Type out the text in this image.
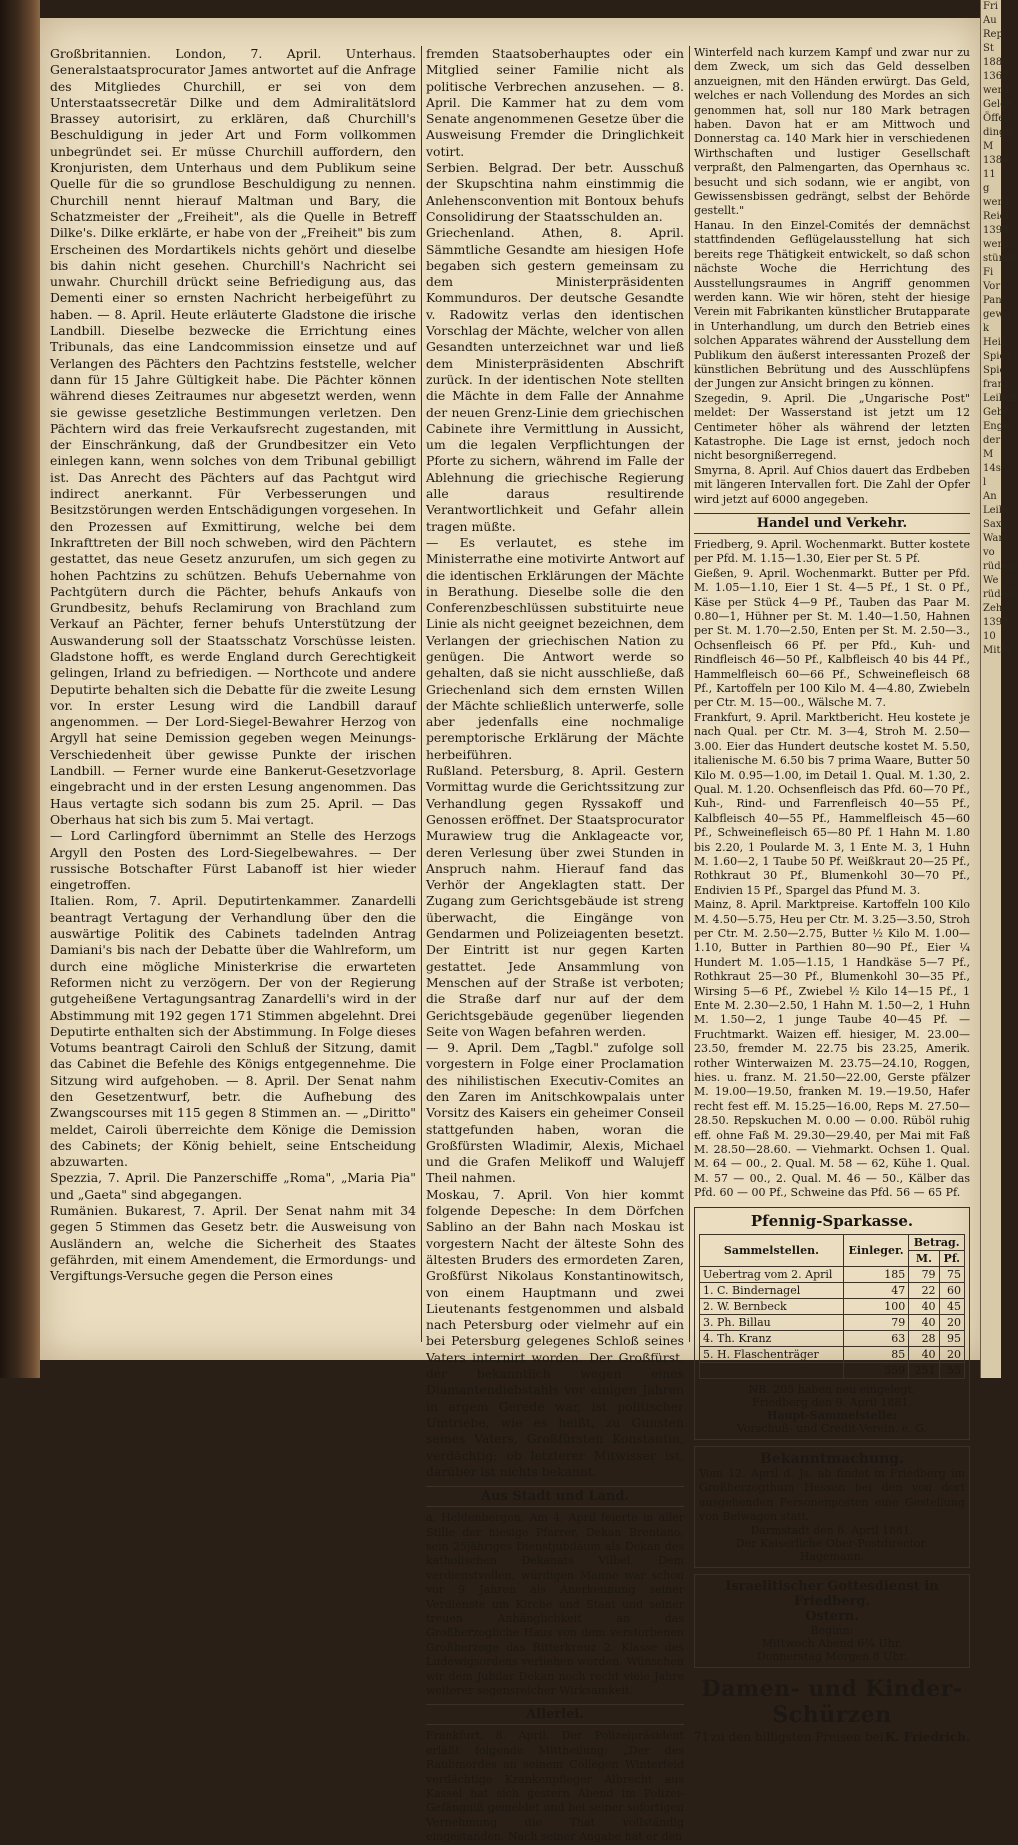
Großbritannien. London, 7. April. Unterhaus. Generalstaatsprocurator James antwortet auf die Anfrage des Mitgliedes Churchill, er sei von dem Unterstaatssecretär Dilke und dem Admiralitätslord Brassey autorisirt, zu erklären, daß Churchill's Beschuldigung in jeder Art und Form vollkommen unbegründet sei. Er müsse Churchill auffordern, den Kronjuristen, dem Unterhaus und dem Publikum seine Quelle für die so grundlose Beschuldigung zu nennen. Churchill nennt hierauf Maltman und Bary, die Schatzmeister der „Freiheit", als die Quelle in Betreff Dilke's. Dilke erklärte, er habe von der „Freiheit" bis zum Erscheinen des Mordartikels nichts gehört und dieselbe bis dahin nicht gesehen. Churchill's Nachricht sei unwahr. Churchill drückt seine Befriedigung aus, das Dementi einer so ernsten Nachricht herbeigeführt zu haben. — 8. April. Heute erläuterte Gladstone die irische Landbill. Dieselbe bezwecke die Errichtung eines Tribunals, das eine Landcommission einsetze und auf Verlangen des Pächters den Pachtzins feststelle, welcher dann für 15 Jahre Gültigkeit habe. Die Pächter können während dieses Zeitraumes nur abgesetzt werden, wenn sie gewisse gesetzliche Bestimmungen verletzen. Den Pächtern wird das freie Verkaufsrecht zugestanden, mit der Einschränkung, daß der Grundbesitzer ein Veto einlegen kann, wenn solches von dem Tribunal gebilligt ist. Das Anrecht des Pächters auf das Pachtgut wird indirect anerkannt. Für Verbesserungen und Besitzstörungen werden Entschädigungen vorgesehen. In den Prozessen auf Exmittirung, welche bei dem Inkrafttreten der Bill noch schweben, wird den Pächtern gestattet, das neue Gesetz anzurufen, um sich gegen zu hohen Pachtzins zu schützen. Behufs Uebernahme von Pachtgütern durch die Pächter, behufs Ankaufs von Grundbesitz, behufs Reclamirung von Brachland zum Verkauf an Pächter, ferner behufs Unterstützung der Auswanderung soll der Staatsschatz Vorschüsse leisten. Gladstone hofft, es werde England durch Gerechtigkeit gelingen, Irland zu befriedigen. — Northcote und andere Deputirte behalten sich die Debatte für die zweite Lesung vor. In erster Lesung wird die Landbill darauf angenommen. — Der Lord-Siegel-Bewahrer Herzog von Argyll hat seine Demission gegeben wegen Meinungs-Verschiedenheit über gewisse Punkte der irischen Landbill. — Ferner wurde eine Bankerut-Gesetzvorlage eingebracht und in der ersten Lesung angenommen. Das Haus vertagte sich sodann bis zum 25. April. — Das Oberhaus hat sich bis zum 5. Mai vertagt.

— Lord Carlingford übernimmt an Stelle des Herzogs Argyll den Posten des Lord-Siegelbewahres. — Der russische Botschafter Fürst Labanoff ist hier wieder eingetroffen.

Italien. Rom, 7. April. Deputirtenkammer. Zanardelli beantragt Vertagung der Verhandlung über den die auswärtige Politik des Cabinets tadelnden Antrag Damiani's bis nach der Debatte über die Wahlreform, um durch eine mögliche Ministerkrise die erwarteten Reformen nicht zu verzögern. Der von der Regierung gutgeheißene Vertagungsantrag Zanardelli's wird in der Abstimmung mit 192 gegen 171 Stimmen abgelehnt. Drei Deputirte enthalten sich der Abstimmung. In Folge dieses Votums beantragt Cairoli den Schluß der Sitzung, damit das Cabinet die Befehle des Königs entgegennehme. Die Sitzung wird aufgehoben. — 8. April. Der Senat nahm den Gesetzentwurf, betr. die Aufhebung des Zwangscourses mit 115 gegen 8 Stimmen an. — „Diritto" meldet, Cairoli überreichte dem Könige die Demission des Cabinets; der König behielt, seine Entscheidung abzuwarten.

Spezzia, 7. April. Die Panzerschiffe „Roma", „Maria Pia" und „Gaeta" sind abgegangen.

Rumänien. Bukarest, 7. April. Der Senat nahm mit 34 gegen 5 Stimmen das Gesetz betr. die Ausweisung von Ausländern an, welche die Sicherheit des Staates gefährden, mit einem Amendement, die Ermordungs- und Vergiftungs-Versuche gegen die Person eines

fremden Staatsoberhauptes oder ein Mitglied seiner Familie nicht als politische Verbrechen anzusehen. — 8. April. Die Kammer hat zu dem vom Senate angenommenen Gesetze über die Ausweisung Fremder die Dringlichkeit votirt.

Serbien. Belgrad. Der betr. Ausschuß der Skupschtina nahm einstimmig die Anlehensconvention mit Bontoux behufs Consolidirung der Staatsschulden an.

Griechenland. Athen, 8. April. Sämmtliche Gesandte am hiesigen Hofe begaben sich gestern gemeinsam zu dem Ministerpräsidenten Kommunduros. Der deutsche Gesandte v. Radowitz verlas den identischen Vorschlag der Mächte, welcher von allen Gesandten unterzeichnet war und ließ dem Ministerpräsidenten Abschrift zurück. In der identischen Note stellten die Mächte in dem Falle der Annahme der neuen Grenz-Linie dem griechischen Cabinete ihre Vermittlung in Aussicht, um die legalen Verpflichtungen der Pforte zu sichern, während im Falle der Ablehnung die griechische Regierung alle daraus resultirende Verantwortlichkeit und Gefahr allein tragen müßte.

— Es verlautet, es stehe im Ministerrathe eine motivirte Antwort auf die identischen Erklärungen der Mächte in Berathung. Dieselbe solle die den Conferenzbeschlüssen substituirte neue Linie als nicht geeignet bezeichnen, dem Verlangen der griechischen Nation zu genügen. Die Antwort werde so gehalten, daß sie nicht ausschließe, daß Griechenland sich dem ernsten Willen der Mächte schließlich unterwerfe, solle aber jedenfalls eine nochmalige peremptorische Erklärung der Mächte herbeiführen.

Rußland. Petersburg, 8. April. Gestern Vormittag wurde die Gerichtssitzung zur Verhandlung gegen Ryssakoff und Genossen eröffnet. Der Staatsprocurator Murawiew trug die Anklageacte vor, deren Verlesung über zwei Stunden in Anspruch nahm. Hierauf fand das Verhör der Angeklagten statt. Der Zugang zum Gerichtsgebäude ist streng überwacht, die Eingänge von Gendarmen und Polizeiagenten besetzt. Der Eintritt ist nur gegen Karten gestattet. Jede Ansammlung von Menschen auf der Straße ist verboten; die Straße darf nur auf der dem Gerichtsgebäude gegenüber liegenden Seite von Wagen befahren werden.

— 9. April. Dem „Tagbl." zufolge soll vorgestern in Folge einer Proclamation des nihilistischen Executiv-Comites an den Zaren im Anitschkowpalais unter Vorsitz des Kaisers ein geheimer Conseil stattgefunden haben, woran die Großfürsten Wladimir, Alexis, Michael und die Grafen Melikoff und Walujeff Theil nahmen.

Moskau, 7. April. Von hier kommt folgende Depesche: In dem Dörfchen Sablino an der Bahn nach Moskau ist vorgestern Nacht der älteste Sohn des ältesten Bruders des ermordeten Zaren, Großfürst Nikolaus Konstantinowitsch, von einem Hauptmann und zwei Lieutenants festgenommen und alsbald nach Petersburg oder vielmehr auf ein bei Petersburg gelegenes Schloß seines Vaters internirt worden. Der Großfürst, der bekanntlich wegen eines Diamantendiebstahls vor einigen Jahren in argem Gerede war, ist politischer Umtriebe, wie es heißt, zu Gunsten seines Vaters, Großfürsten Konstantin, verdächtig; ob letzterer Mitwisser ist, darüber ist nichts bekannt.

Aus Stadt und Land.

a. Heldenbergen. Am 4. April feierte in aller Stille der hiesige Pfarrer, Dekan Brentano, sein 25jähriges Dienstjubiläum als Dekan des katholischen Dekanats Vilbel. Dem verdienstvollen, würdigen Manne war schon vor 9 Jahren als Anerkennung seiner Verdienste um Kirche und Staat und seiner treuen Anhänglichkeit an das Großherzogliche Haus von dem verstorbenen Großherzoge das Ritterkreuz 2. Klasse des Ludewigsordens verliehen worden. Wünschen wir dem Jubilar Dekan noch recht viele Jahre weiterer segensreicher Wirksamkeit.

Allerlei.

Frankfurt, 8. April. Der Polizeipräsident erläßt folgende Mittheilung: „Der des Raubmordes an seinem Collegen Winterfeld verdächtige Krankenpfleger Albrecht aus Kassel hat sich gestern Abend im Polizei-Gefängniß gemeldet und bei seiner sofortigen Vernehmung die That vollständig eingestanden. Nach seiner Angabe hat er den

Winterfeld nach kurzem Kampf und zwar nur zu dem Zweck, um sich das Geld desselben anzueignen, mit den Händen erwürgt. Das Geld, welches er nach Vollendung des Mordes an sich genommen hat, soll nur 180 Mark betragen haben. Davon hat er am Mittwoch und Donnerstag ca. 140 Mark hier in verschiedenen Wirthschaften und lustiger Gesellschaft verpraßt, den Palmengarten, das Opernhaus ꝛc. besucht und sich sodann, wie er angibt, von Gewissensbissen gedrängt, selbst der Behörde gestellt."

Hanau. In den Einzel-Comités der demnächst stattfindenden Geflügelausstellung hat sich bereits rege Thätigkeit entwickelt, so daß schon nächste Woche die Herrichtung des Ausstellungsraumes in Angriff genommen werden kann. Wie wir hören, steht der hiesige Verein mit Fabrikanten künstlicher Brutapparate in Unterhandlung, um durch den Betrieb eines solchen Apparates während der Ausstellung dem Publikum den äußerst interessanten Prozeß der künstlichen Bebrütung und des Ausschlüpfens der Jungen zur Ansicht bringen zu können.

Szegedin, 9. April. Die „Ungarische Post" meldet: Der Wasserstand ist jetzt um 12 Centimeter höher als während der letzten Katastrophe. Die Lage ist ernst, jedoch noch nicht besorgnißerregend.

Smyrna, 8. April. Auf Chios dauert das Erdbeben mit längeren Intervallen fort. Die Zahl der Opfer wird jetzt auf 6000 angegeben.

Handel und Verkehr.

Friedberg, 9. April. Wochenmarkt. Butter kostete per Pfd. M. 1.15—1.30, Eier per St. 5 Pf.

Gießen, 9. April. Wochenmarkt. Butter per Pfd. M. 1.05—1.10, Eier 1 St. 4—5 Pf., 1 St. 0 Pf., Käse per Stück 4—9 Pf., Tauben das Paar M. 0.80—1, Hühner per St. M. 1.40—1.50, Hahnen per St. M. 1.70—2.50, Enten per St. M. 2.50—3., Ochsenfleisch 66 Pf. per Pfd., Kuh- und Rindfleisch 46—50 Pf., Kalbfleisch 40 bis 44 Pf., Hammelfleisch 60—66 Pf., Schweinefleisch 68 Pf., Kartoffeln per 100 Kilo M. 4—4.80, Zwiebeln per Ctr. M. 15—00., Wälsche M. 7.

Frankfurt, 9. April. Marktbericht. Heu kostete je nach Qual. per Ctr. M. 3—4, Stroh M. 2.50—3.00. Eier das Hundert deutsche kostet M. 5.50, italienische M. 6.50 bis 7 prima Waare, Butter 50 Kilo M. 0.95—1.00, im Detail 1. Qual. M. 1.30, 2. Qual. M. 1.20. Ochsenfleisch das Pfd. 60—70 Pf., Kuh-, Rind- und Farrenfleisch 40—55 Pf., Kalbfleisch 40—55 Pf., Hammelfleisch 45—60 Pf., Schweinefleisch 65—80 Pf. 1 Hahn M. 1.80 bis 2.20, 1 Poularde M. 3, 1 Ente M. 3, 1 Huhn M. 1.60—2, 1 Taube 50 Pf. Weißkraut 20—25 Pf., Rothkraut 30 Pf., Blumenkohl 30—70 Pf., Endivien 15 Pf., Spargel das Pfund M. 3.

Mainz, 8. April. Marktpreise. Kartoffeln 100 Kilo M. 4.50—5.75, Heu per Ctr. M. 3.25—3.50, Stroh per Ctr. M. 2.50—2.75, Butter ½ Kilo M. 1.00—1.10, Butter in Parthien 80—90 Pf., Eier ¼ Hundert M. 1.05—1.15, 1 Handkäse 5—7 Pf., Rothkraut 25—30 Pf., Blumenkohl 30—35 Pf., Wirsing 5—6 Pf., Zwiebel ½ Kilo 14—15 Pf., 1 Ente M. 2.30—2.50, 1 Hahn M. 1.50—2, 1 Huhn M. 1.50—2, 1 junge Taube 40—45 Pf. — Fruchtmarkt. Waizen eff. hiesiger, M. 23.00—23.50, fremder M. 22.75 bis 23.25, Amerik. rother Winterwaizen M. 23.75—24.10, Roggen, hies. u. franz. M. 21.50—22.00, Gerste pfälzer M. 19.00—19.50, franken M. 19.—19.50, Hafer recht fest eff. M. 15.25—16.00, Reps M. 27.50—28.50. Repskuchen M. 0.00 — 0.00. Rüböl ruhig eff. ohne Faß M. 29.30—29.40, per Mai mit Faß M. 28.50—28.60. — Viehmarkt. Ochsen 1. Qual. M. 64 — 00., 2. Qual. M. 58 — 62, Kühe 1. Qual. M. 57 — 00., 2. Qual. M. 46 — 50., Kälber das Pfd. 60 — 00 Pf., Schweine das Pfd. 56 — 65 Pf.

Pfennig-Sparkasse.
Sammelstellen.	Einleger.	Betrag.	
		M.	Pf.
Uebertrag vom 2. April	185	79	75
1. C. Bindernagel	47	22	60
2. W. Bernbeck	100	40	45
3. Ph. Billau	79	40	20
4. Th. Kranz	63	28	95
5. H. Flaschenträger	85	40	20
	559	251	55
NB. 205 haben neu eingelegt.
Friedberg den 9. April 1881.
Haupt-Sammelstelle:
Vorschuß- und Credit-Verein, e. G.
Bekanntmachung.

Vom 12. April d. Js. ab findet in Friedberg im Großherzogthum Hessen bei den von dort ausgehenden Personenposten eine Gestellung von Beiwagen statt.

Darmstadt den 6. April 1881.
Der Kaiserliche Ober-Postdirector.
Hagemann.
Israelitischer Gottesdienst in Friedberg.
Ostern.
Beginn:
Mittwoch Abend 6¼ Uhr.
Donnerstag Morgen 8 Uhr.
Damen- und Kinder-Schürzen
71 zu den billigsten Preisen bei K. Friedrich.
Fri
Au
Rep
St
1880
1367
werd
Gelge
Öffen
dingu
M
1386
11 g
werd
Reich
1398
werd
stünde
Fi
Vor
Pan
gewo
k
Heiz
Spick
Spic
franz
Leibch
Gebr
Engel
der M
14s
l
An
Leibc
Saxe
Ware
vo
rüdesh
We
rüdesh
Zeh
1398
10
Mithi
